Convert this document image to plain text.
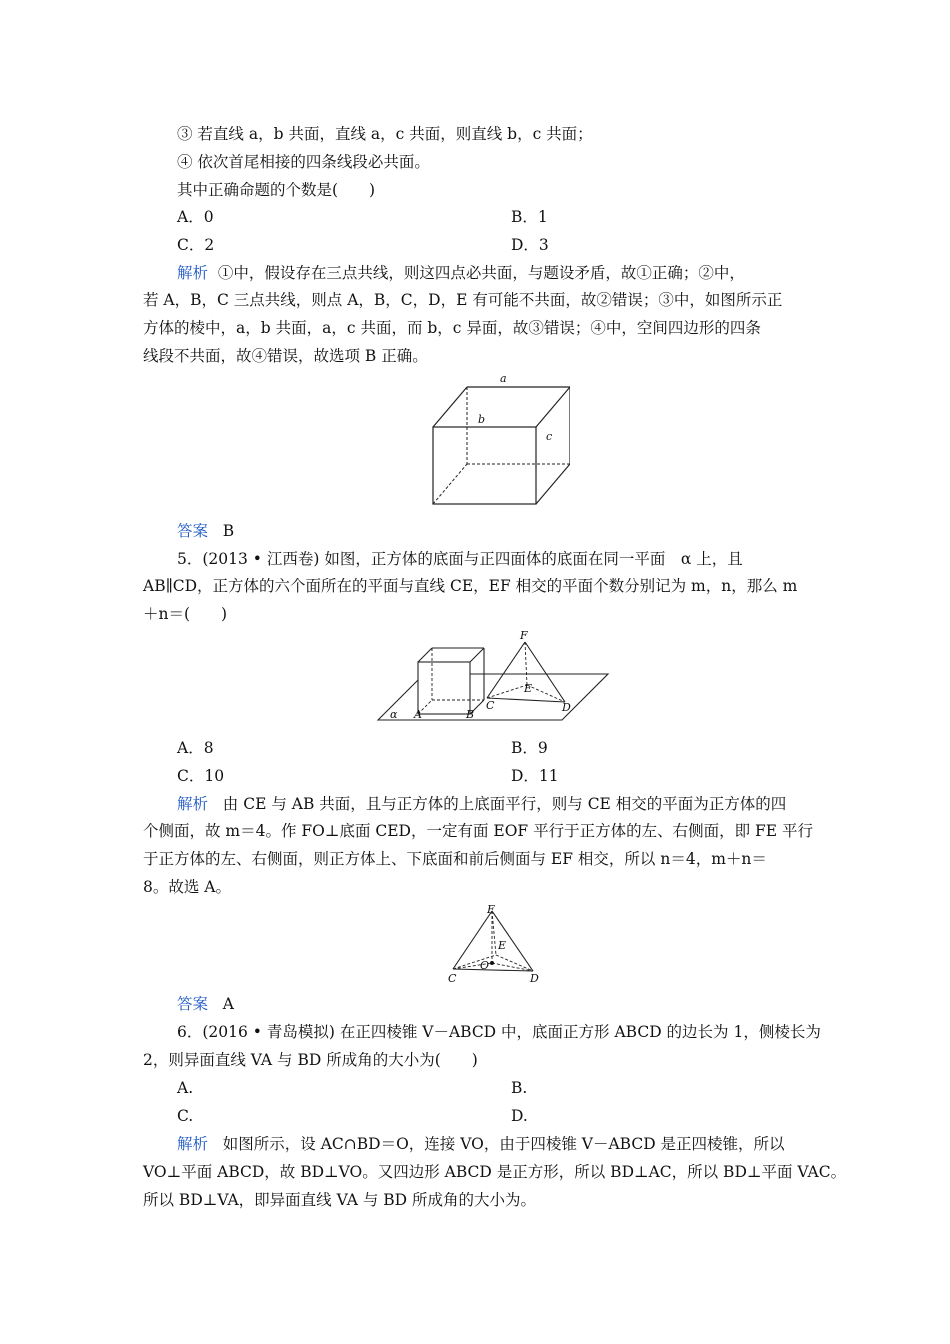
③ 若直线 a，b 共面，直线 a，c 共面，则直线 b，c 共面；
④ 依次首尾相接的四条线段必共面。
其中正确命题的个数是(　　)
A．0	B．1
C．2	D．3
解析 ①中，假设存在三点共线，则这四点必共面，与题设矛盾，故①正确；②中，
若 A，B，C 三点共线，则点 A，B，C，D，E 有可能不共面，故②错误；③中，如图所示正
方体的棱中，a，b 共面，a，c 共面，而 b，c 异面，故③错误；④中，空间四边形的四条
线段不共面，故④错误，故选项 B 正确。
a
b
c
答案 B
5．(2013 • 江西卷) 如图，正方体的底面与正四面体的底面在同一平面　α 上，且
AB∥CD，正方体的六个面所在的平面与直线 CE，EF 相交的平面个数分别记为 m，n，那么 m
＋n＝(　　)
F
E
C	D
A	B
α
A．8	B．9
C．10	D．11
解析 由 CE 与 AB 共面，且与正方体的上底面平行，则与 CE 相交的平面为正方体的四
个侧面，故 m＝4。作 FO⊥底面 CED，一定有面 EOF 平行于正方体的左、右侧面，即 FE 平行
于正方体的左、右侧面，则正方体上、下底面和前后侧面与 EF 相交，所以 n＝4，m＋n＝
8。故选 A。
F
E
O
C	D
答案 A
6．(2016 • 青岛模拟) 在正四棱锥 V－ABCD 中，底面正方形 ABCD 的边长为 1，侧棱长为
2，则异面直线 VA 与 BD 所成角的大小为(　　)
A.	B.
C.	D.
解析 如图所示，设 AC∩BD＝O，连接 VO，由于四棱锥 V－ABCD 是正四棱锥，所以
VO⊥平面 ABCD，故 BD⊥VO。又四边形 ABCD 是正方形，所以 BD⊥AC，所以 BD⊥平面 VAC。
所以 BD⊥VA，即异面直线 VA 与 BD 所成角的大小为。
